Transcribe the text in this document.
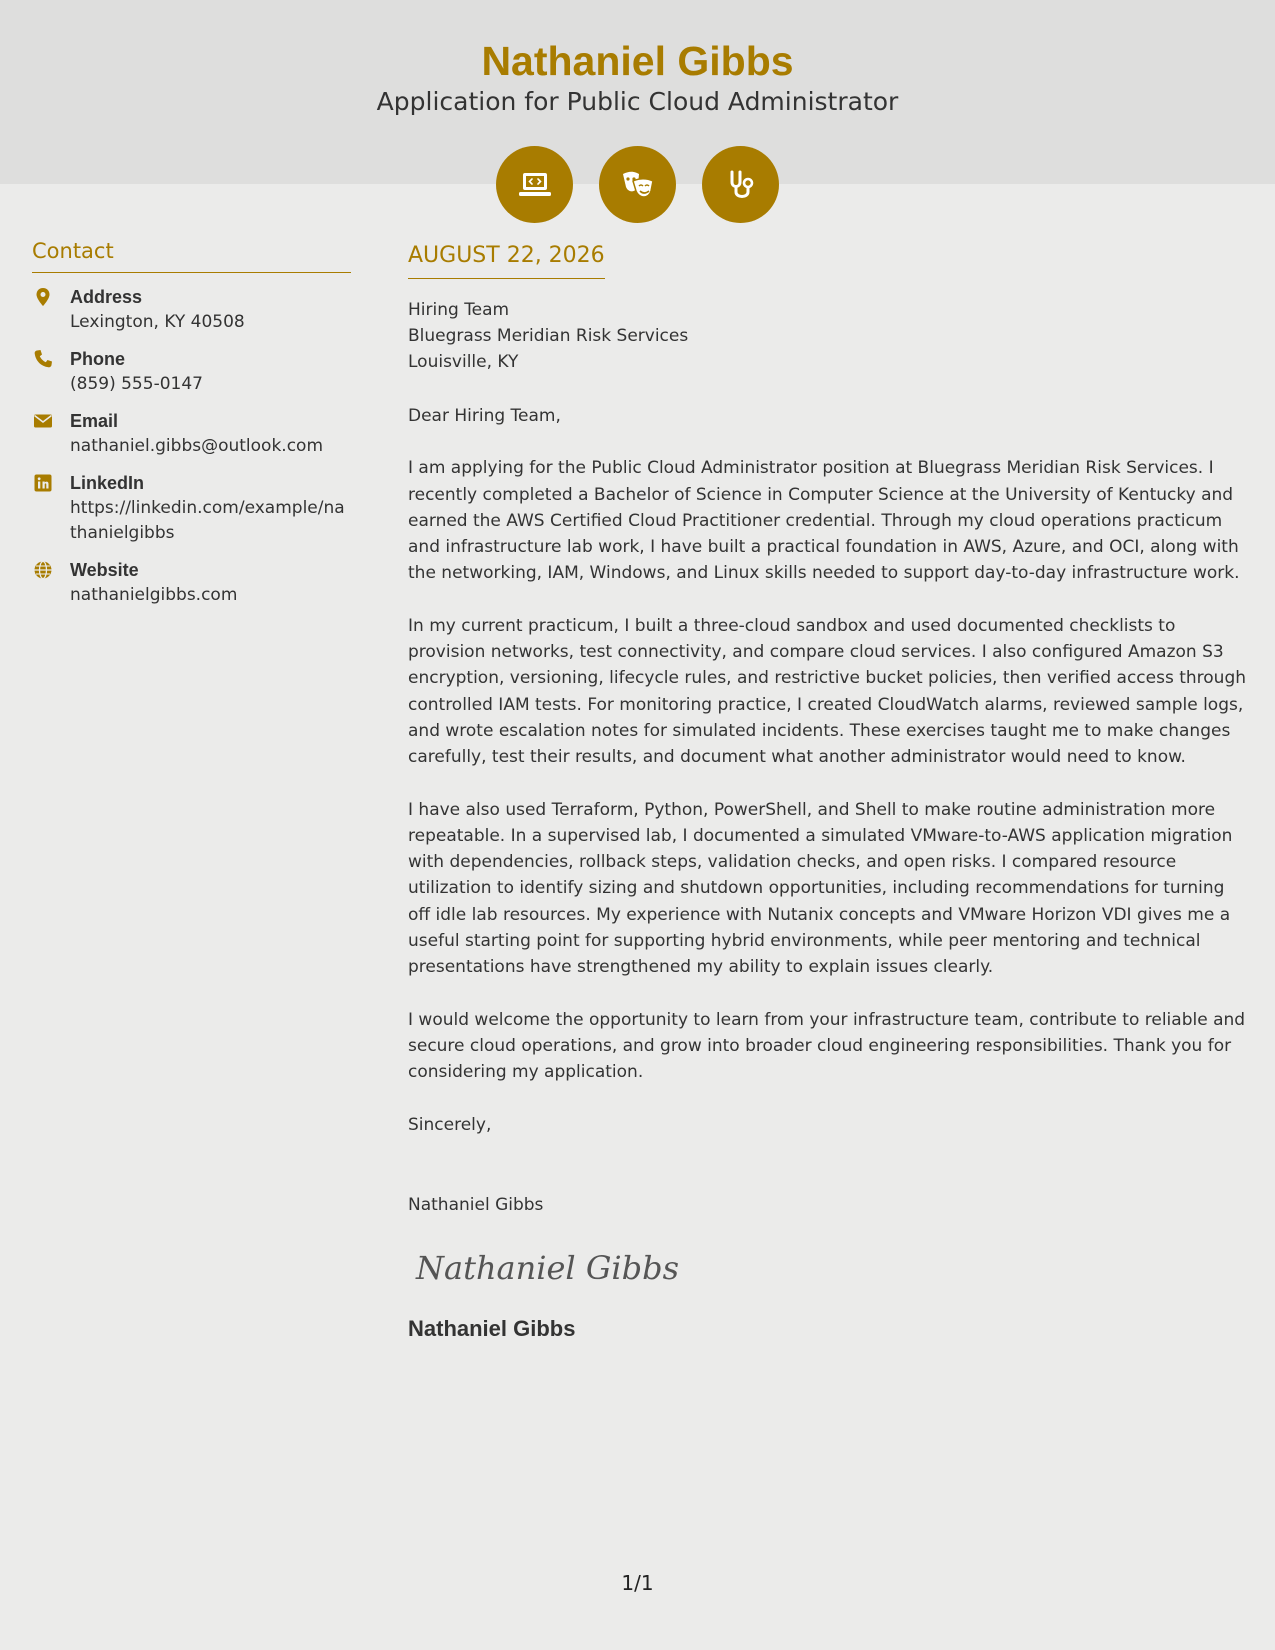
Nathaniel Gibbs
Application for Public Cloud Administrator
Contact
Address
Lexington, KY 40508
Phone
(859) 555-0147
Email
nathaniel.gibbs@outlook.com
LinkedIn
https://linkedin.com/example/nathanielgibbs
Website
nathanielgibbs.com
AUGUST 22, 2026
Hiring Team
Bluegrass Meridian Risk Services
Louisville, KY

Dear Hiring Team,

I am applying for the Public Cloud Administrator position at Bluegrass Meridian Risk Services. I recently completed a Bachelor of Science in Computer Science at the University of Kentucky and earned the AWS Certified Cloud Practitioner credential. Through my cloud operations practicum and infrastructure lab work, I have built a practical foundation in AWS, Azure, and OCI, along with the networking, IAM, Windows, and Linux skills needed to support day-to-day infrastructure work.

In my current practicum, I built a three-cloud sandbox and used documented checklists to provision networks, test connectivity, and compare cloud services. I also configured Amazon S3 encryption, versioning, lifecycle rules, and restrictive bucket policies, then verified access through controlled IAM tests. For monitoring practice, I created CloudWatch alarms, reviewed sample logs, and wrote escalation notes for simulated incidents. These exercises taught me to make changes carefully, test their results, and document what another administrator would need to know.

I have also used Terraform, Python, PowerShell, and Shell to make routine administration more repeatable. In a supervised lab, I documented a simulated VMware-to-AWS application migration with dependencies, rollback steps, validation checks, and open risks. I compared resource utilization to identify sizing and shutdown opportunities, including recommendations for turning off idle lab resources. My experience with Nutanix concepts and VMware Horizon VDI gives me a useful starting point for supporting hybrid environments, while peer mentoring and technical presentations have strengthened my ability to explain issues clearly.

I would welcome the opportunity to learn from your infrastructure team, contribute to reliable and secure cloud operations, and grow into broader cloud engineering responsibilities. Thank you for considering my application.

Sincerely,

Nathaniel Gibbs

Nathaniel Gibbs
Nathaniel Gibbs
1/1
